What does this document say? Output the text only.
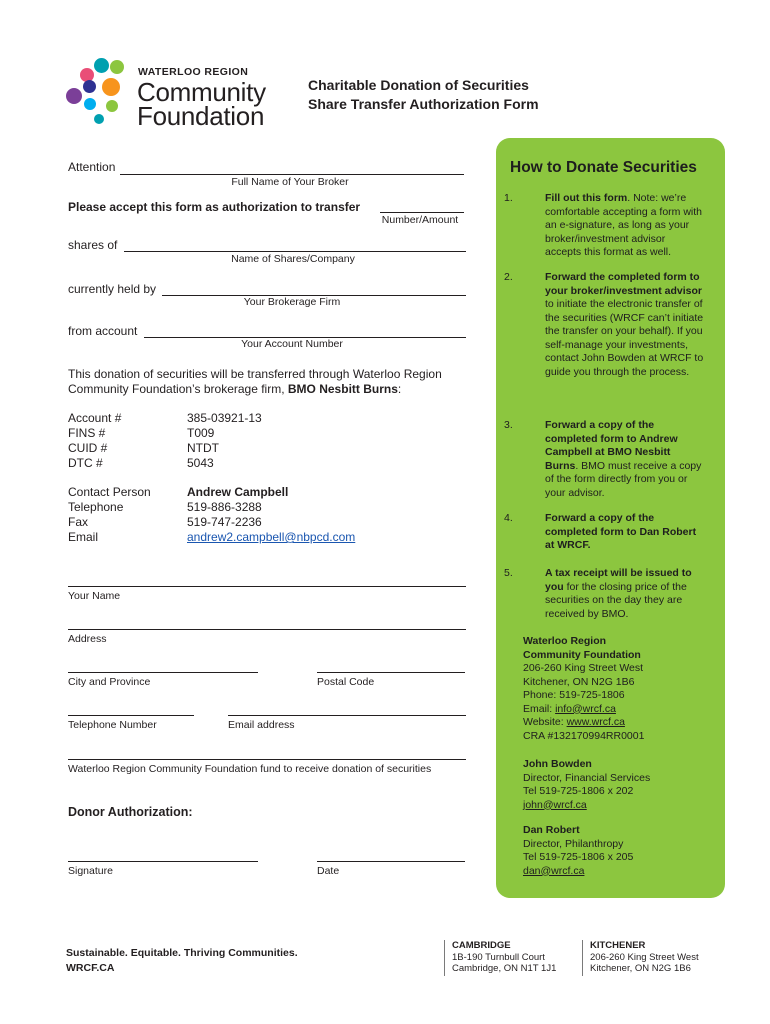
WATERLOO REGION
Community
Foundation
Charitable Donation of Securities
Share Transfer Authorization Form
Attention
Full Name of Your Broker
Please accept this form as authorization to transfer
Number/Amount
shares of
Name of Shares/Company
currently held by
Your Brokerage Firm
from account
Your Account Number
This donation of securities will be transferred through Waterloo Region
Community Foundation’s brokerage firm, BMO Nesbitt Burns:
Account #	385-03921-13
FINS #	T009
CUID #	NTDT
DTC #	5043
Contact Person	Andrew Campbell
Telephone	519-886-3288
Fax	519-747-2236
Email	andrew2.campbell@nbpcd.com
Your Name
Address
City and Province	Postal Code
Telephone Number	Email address
Waterloo Region Community Foundation fund to receive donation of securities
Donor Authorization:
Signature	Date
How to Donate Securities
1.	Fill out this form. Note: we’re comfortable accepting a form with an e-signature, as long as your broker/investment advisor accepts this format as well.
2.	Forward the completed form to your broker/investment advisor to initiate the electronic transfer of the securities (WRCF can’t initiate the transfer on your behalf). If you self-manage your investments, contact John Bowden at WRCF to guide you through the process.
3.	Forward a copy of the completed form to Andrew Campbell at BMO Nesbitt Burns. BMO must receive a copy of the form directly from you or your advisor.
4.	Forward a copy of the completed form to Dan Robert at WRCF.
5.	A tax receipt will be issued to you for the closing price of the securities on the day they are received by BMO.
Waterloo Region
Community Foundation
206-260 King Street West
Kitchener, ON N2G 1B6
Phone: 519-725-1806
Email: info@wrcf.ca
Website: www.wrcf.ca
CRA #132170994RR0001
John Bowden
Director, Financial Services
Tel 519-725-1806 x 202
john@wrcf.ca
Dan Robert
Director, Philanthropy
Tel 519-725-1806 x 205
dan@wrcf.ca
Sustainable. Equitable. Thriving Communities.
WRCF.CA
CAMBRIDGE
1B-190 Turnbull Court
Cambridge, ON N1T 1J1
KITCHENER
206-260 King Street West
Kitchener, ON N2G 1B6
